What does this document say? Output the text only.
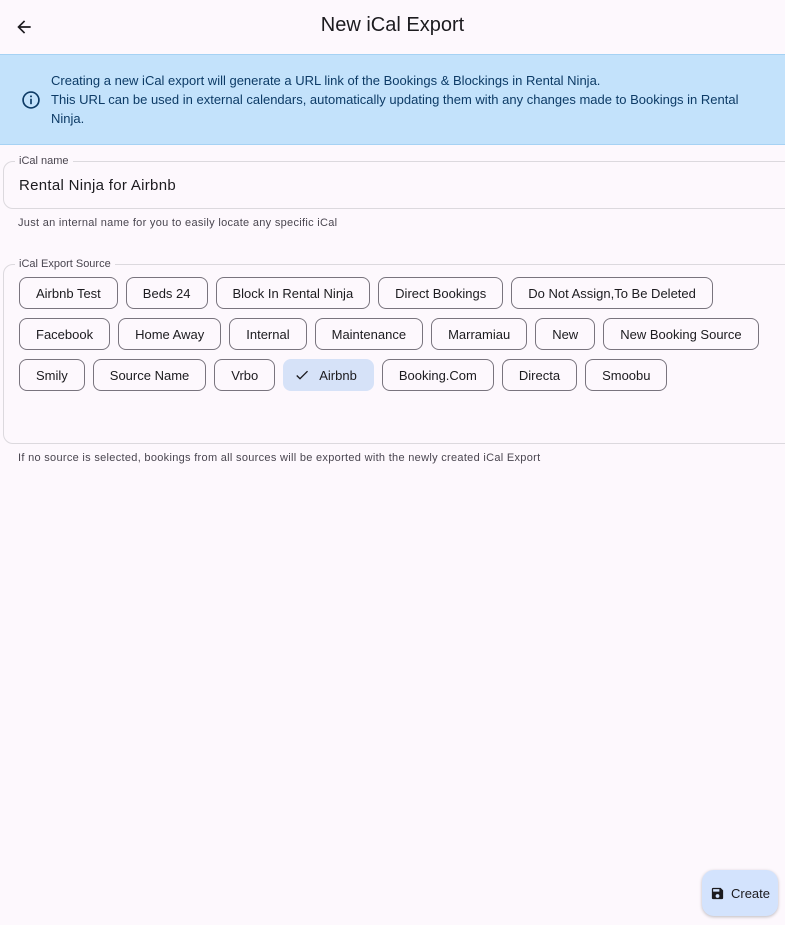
New iCal Export
Creating a new iCal export will generate a URL link of the Bookings & Blockings in Rental Ninja.
This URL can be used in external calendars, automatically updating them with any changes made to Bookings in Rental Ninja.
iCal name
Rental Ninja for Airbnb
Just an internal name for you to easily locate any specific iCal
iCal Export Source
Airbnb Test	Beds 24	Block In Rental Ninja	Direct Bookings	Do Not Assign,To Be Deleted
Facebook	Home Away	Internal	Maintenance	Marramiau	New	New Booking Source
Smily	Source Name	Vrbo	Airbnb	Booking.Com	Directa	Smoobu
If no source is selected, bookings from all sources will be exported with the newly created iCal Export
Create
